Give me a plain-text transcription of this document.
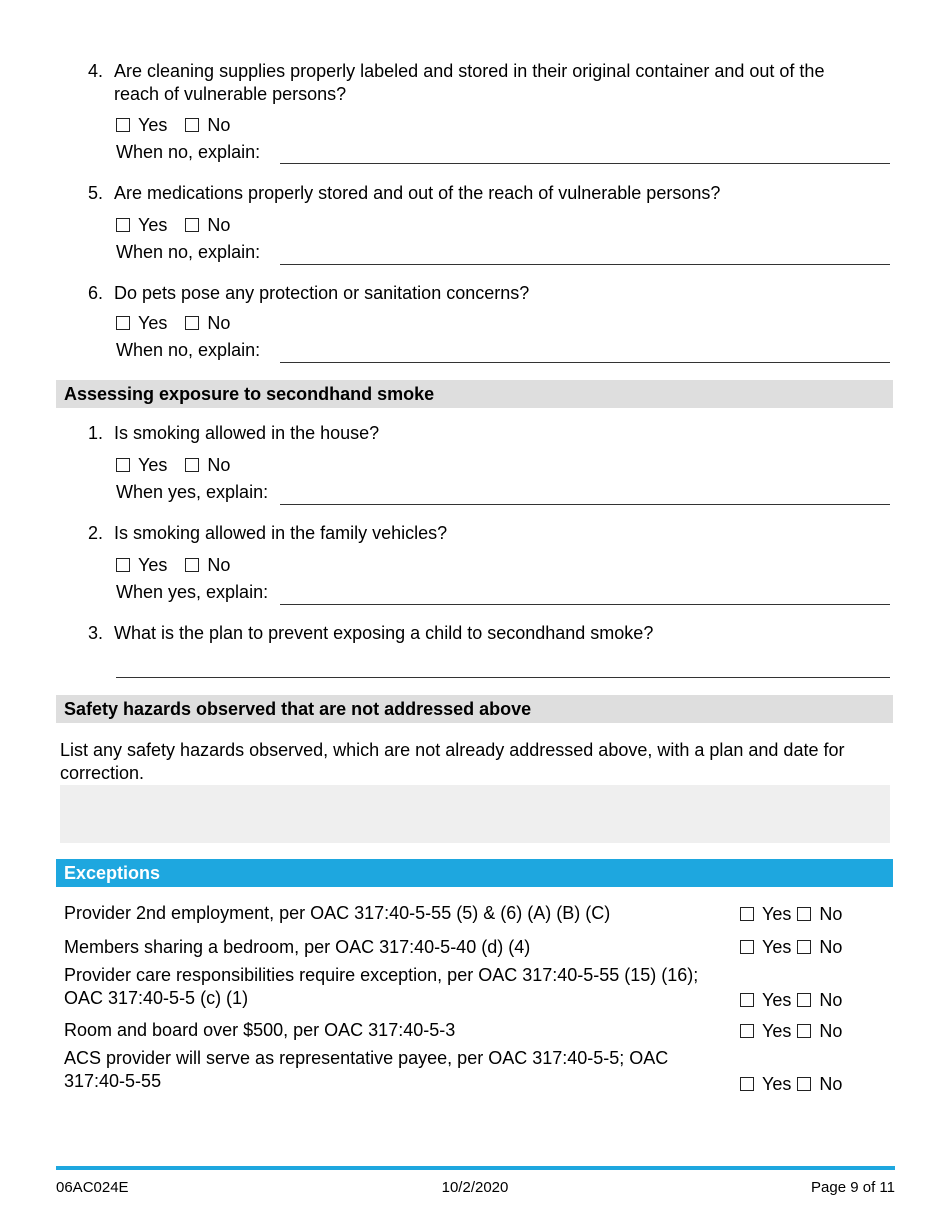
4. Are cleaning supplies properly labeled and stored in their original container and out of the reach of vulnerable persons?
Yes No
When no, explain:
5. Are medications properly stored and out of the reach of vulnerable persons?
Yes No
When no, explain:
6. Do pets pose any protection or sanitation concerns?
Yes No
When no, explain:
Assessing exposure to secondhand smoke
1. Is smoking allowed in the house?
Yes No
When yes, explain:
2. Is smoking allowed in the family vehicles?
Yes No
When yes, explain:
3. What is the plan to prevent exposing a child to secondhand smoke?
Safety hazards observed that are not addressed above
List any safety hazards observed, which are not already addressed above, with a plan and date for correction.
Exceptions
Provider 2nd employment, per OAC 317:40-5-55 (5) & (6) (A) (B) (C)	Yes No
Members sharing a bedroom, per OAC 317:40-5-40 (d) (4)	Yes No
Provider care responsibilities require exception, per OAC 317:40-5-55 (15) (16); OAC 317:40-5-5 (c) (1)	Yes No
Room and board over $500, per OAC 317:40-5-3	Yes No
ACS provider will serve as representative payee, per OAC 317:40-5-5; OAC 317:40-5-55	Yes No
06AC024E	10/2/2020	Page 9 of 11
